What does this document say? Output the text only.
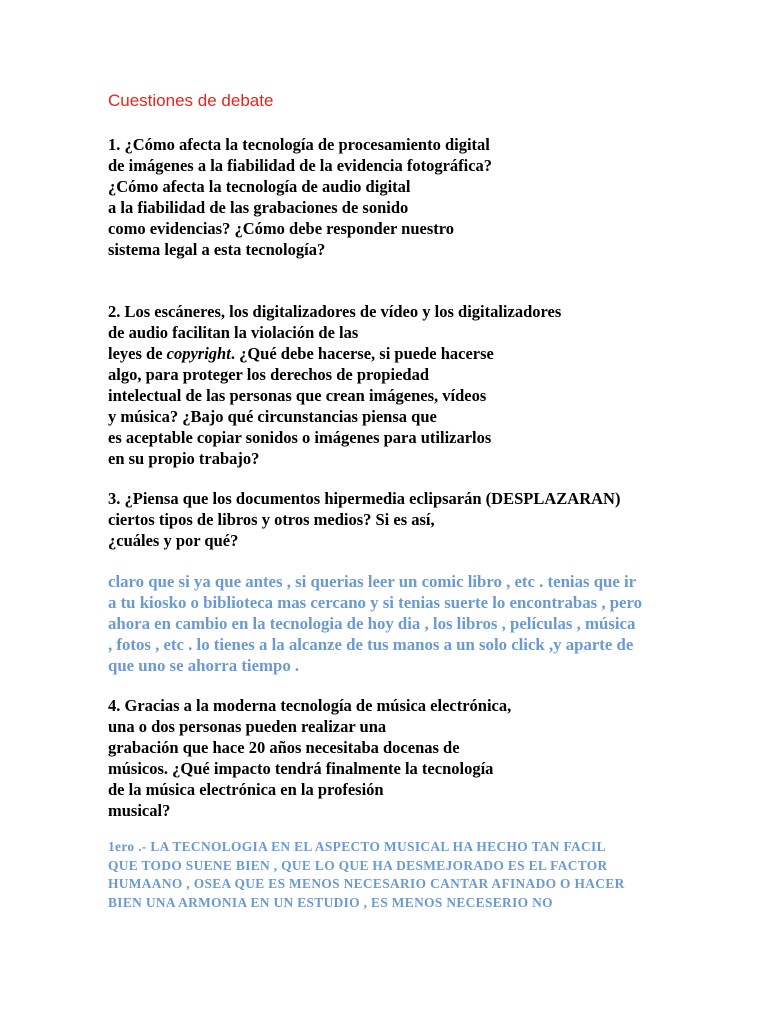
Cuestiones de debate
1. ¿Cómo afecta la tecnología de procesamiento digital
de imágenes a la fiabilidad de la evidencia fotográfica?
¿Cómo afecta la tecnología de audio digital
a la fiabilidad de las grabaciones de sonido
como evidencias? ¿Cómo debe responder nuestro
sistema legal a esta tecnología?
2. Los escáneres, los digitalizadores de vídeo y los digitalizadores
de audio facilitan la violación de las
leyes de copyright. ¿Qué debe hacerse, si puede hacerse
algo, para proteger los derechos de propiedad
intelectual de las personas que crean imágenes, vídeos
y música? ¿Bajo qué circunstancias piensa que
es aceptable copiar sonidos o imágenes para utilizarlos
en su propio trabajo?
3. ¿Piensa que los documentos hipermedia eclipsarán (DESPLAZARAN)
ciertos tipos de libros y otros medios? Si es así,
¿cuáles y por qué?
claro que si ya que antes , si querias leer un comic libro , etc . tenias que ir
a tu kiosko o biblioteca mas cercano y si tenias suerte lo encontrabas , pero
ahora en cambio en la tecnologia de hoy dia , los libros , películas , música
, fotos , etc . lo tienes a la alcanze de tus manos a un solo click ,y aparte de
que uno se ahorra tiempo .
4. Gracias a la moderna tecnología de música electrónica,
una o dos personas pueden realizar una
grabación que hace 20 años necesitaba docenas de
músicos. ¿Qué impacto tendrá finalmente la tecnología
de la música electrónica en la profesión
musical?
1ero .- LA TECNOLOGIA EN EL ASPECTO MUSICAL HA HECHO TAN FACIL
QUE TODO SUENE BIEN , QUE LO QUE HA DESMEJORADO ES EL FACTOR
HUMAANO , OSEA QUE ES MENOS NECESARIO CANTAR AFINADO O HACER
BIEN UNA ARMONIA EN UN ESTUDIO , ES MENOS NECESERIO NO
